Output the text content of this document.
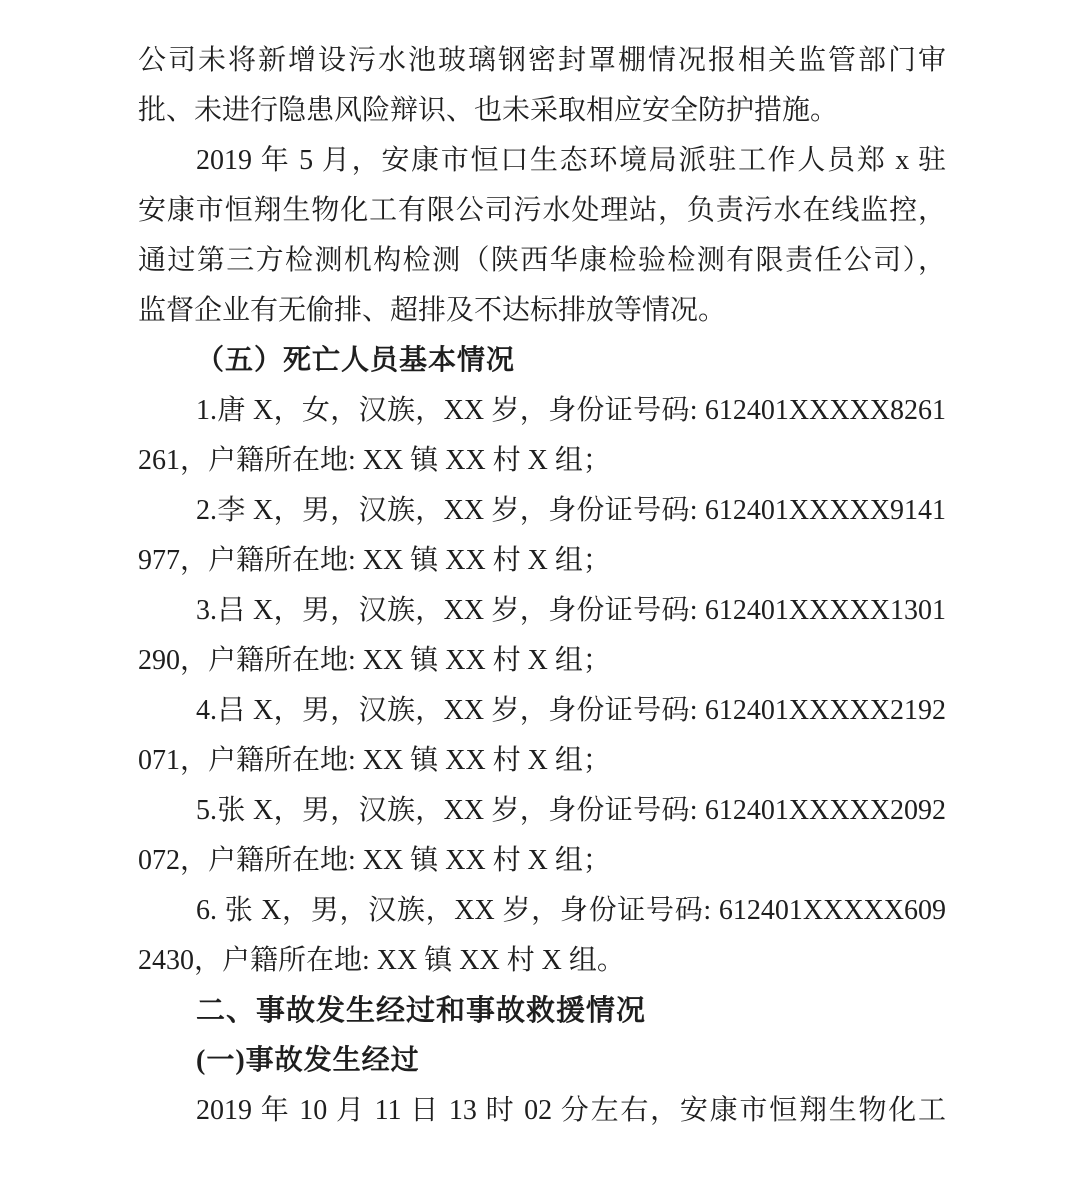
公司未将新增设污水池玻璃钢密封罩棚情况报相关监管部门审
批、未进行隐患风险辩识、也未采取相应安全防护措施。
2019 年 5 月，安康市恒口生态环境局派驻工作人员郑 x 驻
安康市恒翔生物化工有限公司污水处理站，负责污水在线监控，
通过第三方检测机构检测（陕西华康检验检测有限责任公司），
监督企业有无偷排、超排及不达标排放等情况。
（五）死亡人员基本情况
1.唐 X，女，汉族，XX 岁，身份证号码: 612401XXXXX8261
261，户籍所在地: XX 镇 XX 村 X 组；
2.李 X，男，汉族，XX 岁，身份证号码: 612401XXXXX9141
977，户籍所在地: XX 镇 XX 村 X 组；
3.吕 X，男，汉族，XX 岁，身份证号码: 612401XXXXX1301
290，户籍所在地: XX 镇 XX 村 X 组；
4.吕 X，男，汉族，XX 岁，身份证号码: 612401XXXXX2192
071，户籍所在地: XX 镇 XX 村 X 组；
5.张 X，男，汉族，XX 岁，身份证号码: 612401XXXXX2092
072，户籍所在地: XX 镇 XX 村 X 组；
6. 张 X，男，汉族，XX 岁，身份证号码: 612401XXXXX609
2430，户籍所在地: XX 镇 XX 村 X 组。
二、事故发生经过和事故救援情况
(一)事故发生经过
2019 年 10 月 11 日 13 时 02 分左右，安康市恒翔生物化工
